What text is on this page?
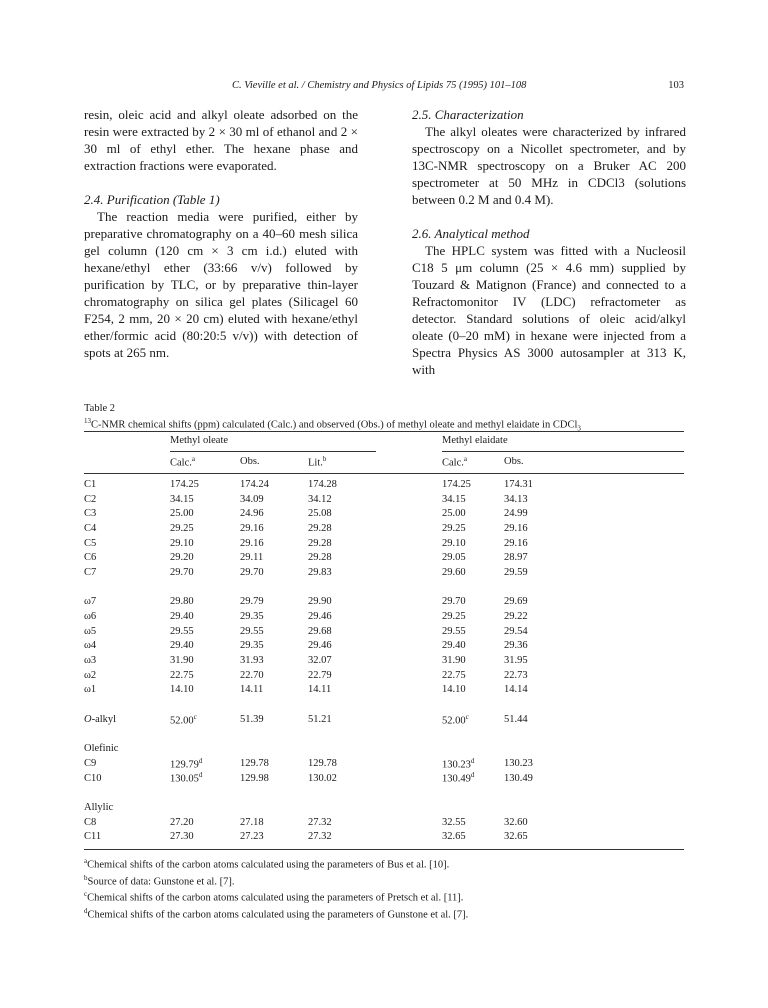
C. Vieville et al. / Chemistry and Physics of Lipids 75 (1995) 101–108	103

resin, oleic acid and alkyl oleate adsorbed on the resin were extracted by 2 × 30 ml of ethanol and 2 × 30 ml of ethyl ether. The hexane phase and extraction fractions were evaporated.

2.4. Purification (Table 1)

The reaction media were purified, either by preparative chromatography on a 40–60 mesh silica gel column (120 cm × 3 cm i.d.) eluted with hexane/ethyl ether (33:66 v/v) followed by purification by TLC, or by preparative thin-layer chromatography on silica gel plates (Silicagel 60 F254, 2 mm, 20 × 20 cm) eluted with hexane/ethyl ether/formic acid (80:20:5 v/v)) with detection of spots at 265 nm.

2.5. Characterization

The alkyl oleates were characterized by infrared spectroscopy on a Nicollet spectrometer, and by 13C-NMR spectroscopy on a Bruker AC 200 spectrometer at 50 MHz in CDCl3 (solutions between 0.2 M and 0.4 M).

2.6. Analytical method

The HPLC system was fitted with a Nucleosil C18 5 μm column (25 × 4.6 mm) supplied by Touzard & Matignon (France) and connected to a Refractomonitor IV (LDC) refractometer as detector. Standard solutions of oleic acid/alkyl oleate (0–20 mM) in hexane were injected from a Spectra Physics AS 3000 autosampler at 313 K, with

Table 2
$^{13}$C-NMR chemical shifts (ppm) calculated (Calc.) and observed (Obs.) of methyl oleate and methyl elaidate in CDCl$_3$
Methyl oleate	Methyl elaidate
	Calc.$^a$	Obs.	Lit.$^b$	Calc.$^a$	Obs.
C1	174.25	174.24	174.28	174.25	174.31
C2	34.15	34.09	34.12	34.15	34.13
C3	25.00	24.96	25.08	25.00	24.99
C4	29.25	29.16	29.28	29.25	29.16
C5	29.10	29.16	29.28	29.10	29.16
C6	29.20	29.11	29.28	29.05	28.97
C7	29.70	29.70	29.83	29.60	29.59

ω7	29.80	29.79	29.90	29.70	29.69
ω6	29.40	29.35	29.46	29.25	29.22
ω5	29.55	29.55	29.68	29.55	29.54
ω4	29.40	29.35	29.46	29.40	29.36
ω3	31.90	31.93	32.07	31.90	31.95
ω2	22.75	22.70	22.79	22.75	22.73
ω1	14.10	14.11	14.11	14.10	14.14

O-alkyl	52.00$^c$	51.39	51.21	52.00$^c$	51.44

Olefinic					
C9	129.79$^d$	129.78	129.78	130.23$^d$	130.23
C10	130.05$^d$	129.98	130.02	130.49$^d$	130.49

Allylic					
C8	27.20	27.18	27.32	32.55	32.60
C11	27.30	27.23	27.32	32.65	32.65
$^a$Chemical shifts of the carbon atoms calculated using the parameters of Bus et al. [10].
$^b$Source of data: Gunstone et al. [7].
$^c$Chemical shifts of the carbon atoms calculated using the parameters of Pretsch et al. [11].
$^d$Chemical shifts of the carbon atoms calculated using the parameters of Gunstone et al. [7].
